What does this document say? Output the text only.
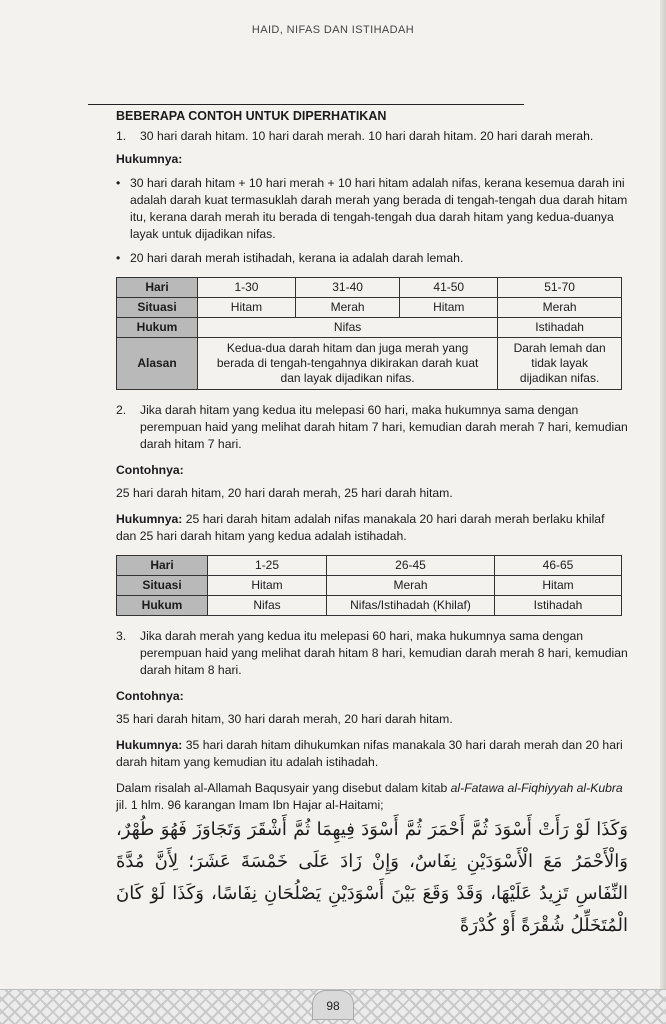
HAID, NIFAS DAN ISTIHADAH

BEBERAPA CONTOH UNTUK DIPERHATIKAN

1.	30 hari darah hitam. 10 hari darah merah. 10 hari darah hitam. 20 hari darah merah.

Hukumnya:

• 30 hari darah hitam + 10 hari merah + 10 hari hitam adalah nifas, kerana kesemua darah ini adalah darah kuat termasuklah darah merah yang berada di tengah-tengah dua darah hitam itu, kerana darah merah itu berada di tengah-tengah dua darah hitam yang kedua-duanya layak untuk dijadikan nifas.
• 20 hari darah merah istihadah, kerana ia adalah darah lemah.
Hari	1-30	31-40	41-50	51-70
Situasi	Hitam	Merah	Hitam	Merah
Hukum	Nifas			Istihadah
Alasan	Kedua-dua darah hitam dan juga merah yang berada di tengah-tengahnya dikirakan darah kuat dan layak dijadikan nifas.			Darah lemah dan tidak layak dijadikan nifas.
2.	Jika darah hitam yang kedua itu melepasi 60 hari, maka hukumnya sama dengan perempuan haid yang melihat darah hitam 7 hari, kemudian darah merah 7 hari, kemudian darah hitam 7 hari.

Contohnya:

25 hari darah hitam, 20 hari darah merah, 25 hari darah hitam.

Hukumnya: 25 hari darah hitam adalah nifas manakala 20 hari darah merah berlaku khilaf dan 25 hari darah hitam yang kedua adalah istihadah.

Hari	1-25	26-45	46-65
Situasi	Hitam	Merah	Hitam
Hukum	Nifas	Nifas/Istihadah (Khilaf)	Istihadah
3.	Jika darah merah yang kedua itu melepasi 60 hari, maka hukumnya sama dengan perempuan haid yang melihat darah hitam 8 hari, kemudian darah merah 8 hari, kemudian darah hitam 8 hari.

Contohnya:

35 hari darah hitam, 30 hari darah merah, 20 hari darah hitam.

Hukumnya: 35 hari darah hitam dihukumkan nifas manakala 30 hari darah merah dan 20 hari darah hitam yang kemudian itu adalah istihadah.

Dalam risalah al-Allamah Baqusyair yang disebut dalam kitab al-Fatawa al-Fiqhiyyah al-Kubra jil. 1 hlm. 96 karangan Imam Ibn Hajar al-Haitami;

وَكَذَا لَوْ رَأَتْ أَسْوَدَ ثُمَّ أَحْمَرَ ثُمَّ أَسْوَدَ فِيهِمَا ثُمَّ أَشْقَرَ وَتَجَاوَزَ فَهُوَ طُهْرٌ، وَالْأَحْمَرُ مَعَ الْأَسْوَدَيْنِ نِفَاسٌ، وَإِنْ زَادَ عَلَى خَمْسَةَ عَشَرَ؛ لِأَنَّ مُدَّةَ النِّفَاسِ تَزِيدُ عَلَيْهَا، وَقَدْ وَقَعَ بَيْنَ أَسْوَدَيْنِ يَصْلُحَانِ نِفَاسًا، وَكَذَا لَوْ كَانَ الْمُتَخَلِّلُ شُقْرَةً أَوْ كُدْرَةً

98
